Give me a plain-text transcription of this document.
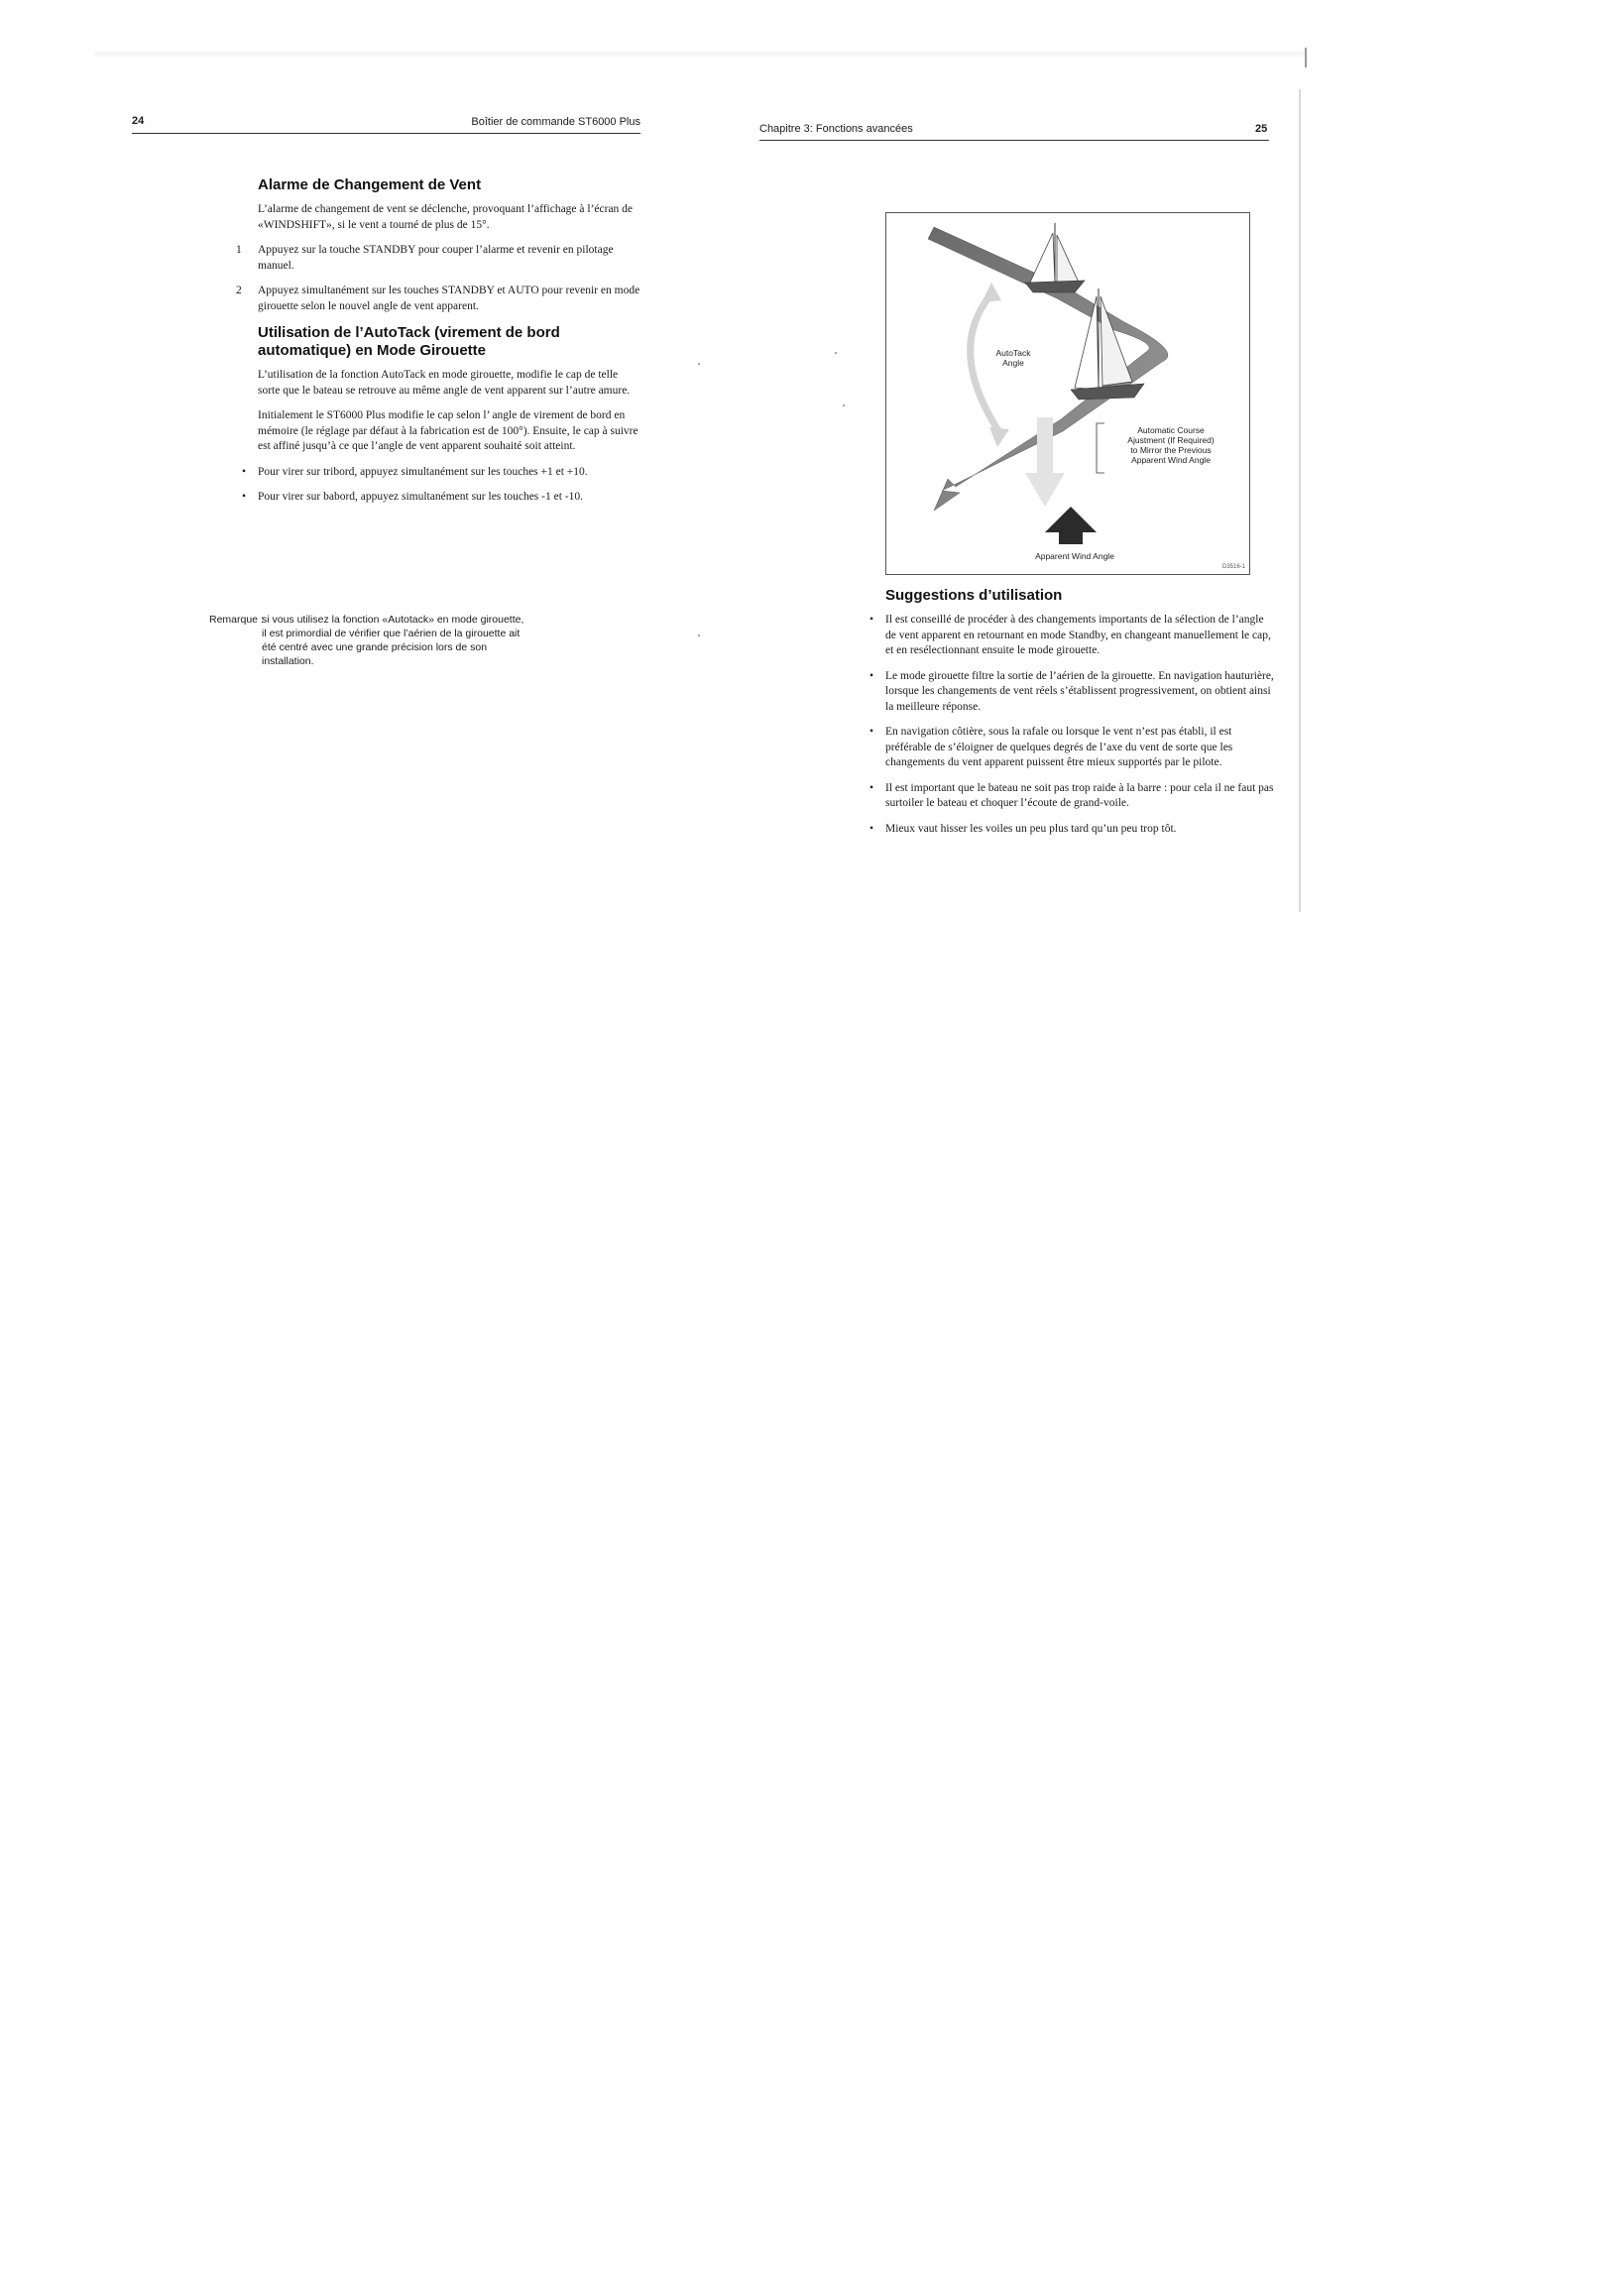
24	Boîtier de commande ST6000 Plus
Alarme de Changement de Vent

L’alarme de changement de vent se déclenche, provoquant l’affichage à l’écran de «WINDSHIFT», si le vent a tourné de plus de 15°.

1 Appuyez sur la touche STANDBY pour couper l’alarme et revenir en pilotage manuel.
2 Appuyez simultanément sur les touches STANDBY et AUTO pour revenir en mode girouette selon le nouvel angle de vent apparent.
Utilisation de l’AutoTack (virement de bord automatique) en Mode Girouette

L’utilisation de la fonction AutoTack en mode girouette, modifie le cap de telle sorte que le bateau se retrouve au même angle de vent apparent sur l’autre amure.

Initialement le ST6000 Plus modifie le cap selon l’ angle de virement de bord en mémoire (le réglage par défaut à la fabrication est de 100°). Ensuite, le cap à suivre est affiné jusqu’à ce que l’angle de vent apparent souhaité soit atteint.

• Pour virer sur tribord, appuyez simultanément sur les touches +1 et +10.
• Pour virer sur babord, appuyez simultanément sur les touches -1 et -10.
Remarque :
si vous utilisez la fonction «Autotack» en mode girouette, il est primordial de vérifier que l’aérien de la girouette ait été centré avec une grande précision lors de son installation.
Chapitre 3: Fonctions avancées	25
AutoTack
Angle
Automatic Course
Ajustment (If Required)
to Mirror the Previous
Apparent Wind Angle
Apparent Wind Angle
D3516-1
Suggestions d’utilisation
• Il est conseillé de procéder à des changements importants de la sélection de l’angle de vent apparent en retournant en mode Standby, en changeant manuellement le cap, et en resélectionnant ensuite le mode girouette.
• Le mode girouette filtre la sortie de l’aérien de la girouette. En navigation hauturière, lorsque les changements de vent réels s’établissent progressivement, on obtient ainsi la meilleure réponse.
• En navigation côtière, sous la rafale ou lorsque le vent n’est pas établi, il est préférable de s’éloigner de quelques degrés de l’axe du vent de sorte que les changements du vent apparent puissent être mieux supportés par le pilote.
• Il est important que le bateau ne soit pas trop raide à la barre : pour cela il ne faut pas surtoiler le bateau et choquer l’écoute de grand-voile.
• Mieux vaut hisser les voiles un peu plus tard qu’un peu trop tôt.
